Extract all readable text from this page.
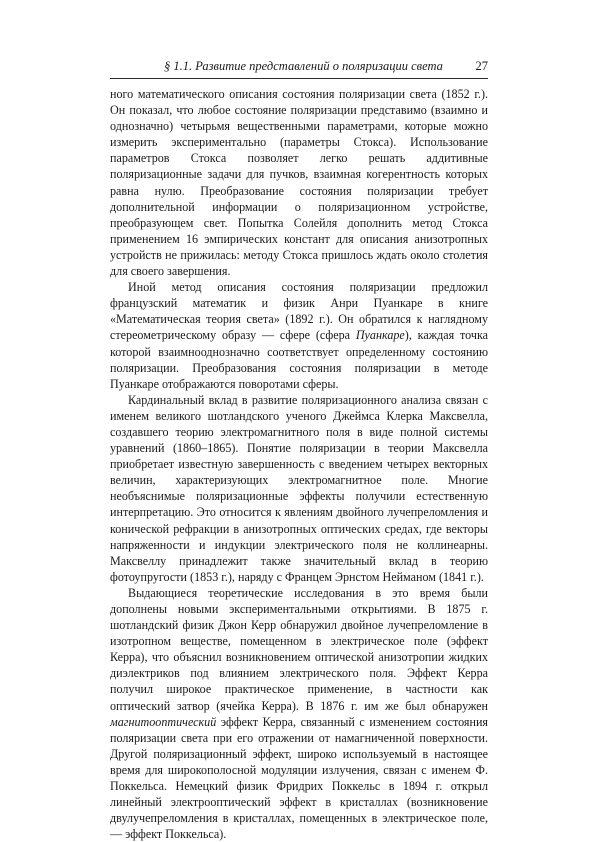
§ 1.1. Развитие представлений о поляризации света	27

ного математического описания состояния поляризации света (1852 г.). Он показал, что любое состояние поляризации представимо (взаимно и однозначно) четырьмя вещественными параметрами, которые можно измерить экспериментально (параметры Стокса). Использование параметров Стокса позволяет легко решать аддитивные поляризационные задачи для пучков, взаимная когерентность которых равна нулю. Преобразование состояния поляризации требует дополнительной информации о поляризационном устройстве, преобразующем свет. Попытка Солейля дополнить метод Стокса применением 16 эмпирических констант для описания анизотропных устройств не прижилась: методу Стокса пришлось ждать около столетия для своего завершения.

Иной метод описания состояния поляризации предложил французский математик и физик Анри Пуанкаре в книге «Математическая теория света» (1892 г.). Он обратился к наглядному стереометрическому образу — сфере (сфера Пуанкаре), каждая точка которой взаимнооднозначно соответствует определенному состоянию поляризации. Преобразования состояния поляризации в методе Пуанкаре отображаются поворотами сферы.

Кардинальный вклад в развитие поляризационного анализа связан с именем великого шотландского ученого Джеймса Клерка Максвелла, создавшего теорию электромагнитного поля в виде полной системы уравнений (1860–1865). Понятие поляризации в теории Максвелла приобретает известную завершенность с введением четырех векторных величин, характеризующих электромагнитное поле. Многие необъяснимые поляризационные эффекты получили естественную интерпретацию. Это относится к явлениям двойного лучепреломления и конической рефракции в анизотропных оптических средах, где векторы напряженности и индукции электрического поля не коллинеарны. Максвеллу принадлежит также значительный вклад в теорию фотоупругости (1853 г.), наряду с Францем Эрнстом Нейманом (1841 г.).

Выдающиеся теоретические исследования в это время были дополнены новыми экспериментальными открытиями. В 1875 г. шотландский физик Джон Керр обнаружил двойное лучепреломление в изотропном веществе, помещенном в электрическое поле (эффект Керра), что объяснил возникновением оптической анизотропии жидких диэлектриков под влиянием электрического поля. Эффект Керра получил широкое практическое применение, в частности как оптический затвор (ячейка Керра). В 1876 г. им же был обнаружен магнитооптический эффект Керра, связанный с изменением состояния поляризации света при его отражении от намагниченной поверхности. Другой поляризационный эффект, широко используемый в настоящее время для широкополосной модуляции излучения, связан с именем Ф. Поккельса. Немецкий физик Фридрих Поккельс в 1894 г. открыл линейный электрооптический эффект в кристаллах (возникновение двулучепреломления в кристаллах, помещенных в электрическое поле, — эффект Поккельса).
